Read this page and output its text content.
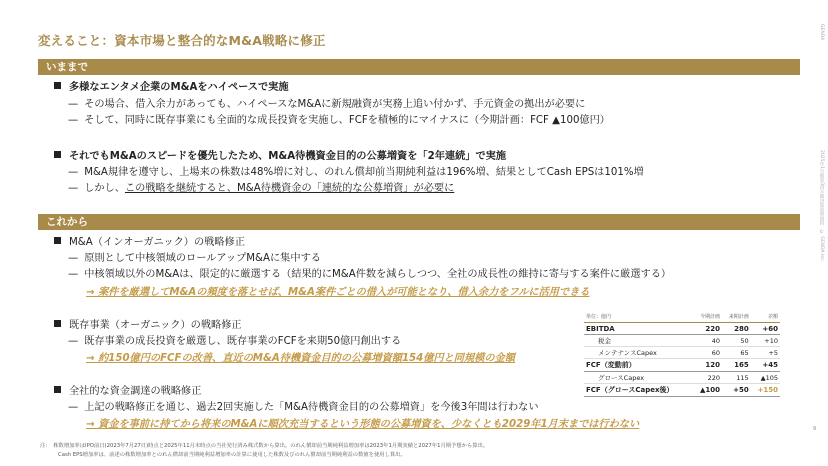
変えること：資本市場と整合的なM&A戦略に修正
GENDA
2025年1月期第3四半期決算説明資料
© GENDA Inc.
9
いままで
多様なエンタメ企業のM&Aをハイペースで実施
— その場合、借入余力があっても、ハイペースなM&Aに新規融資が実務上追い付かず、手元資金の拠出が必要に
— そして、同時に既存事業にも全面的な成長投資を実施し、FCFを積極的にマイナスに（今期計画：FCF ▲100億円）
それでもM&Aのスピードを優先したため、M&A待機資金目的の公募増資を「2年連続」で実施
— M&A規律を遵守し、上場来の株数は48%増に対し、のれん償却前当期純利益は196%増、結果としてCash EPSは101%増
— しかし、この戦略を継続すると、M&A待機資金の「連続的な公募増資」が必要に
これから
M&A（インオーガニック）の戦略修正
— 原則として中核領域のロールアップM&Aに集中する
— 中核領域以外のM&Aは、限定的に厳選する（結果的にM&A件数を減らしつつ、全社の成長性の維持に寄与する案件に厳選する）
→ 案件を厳選してM&Aの頻度を落とせば、M&A案件ごとの借入が可能となり、借入余力をフルに活用できる
既存事業（オーガニック）の戦略修正
— 既存事業の成長投資を厳選し、既存事業のFCFを来期50億円創出する
→ 約150億円のFCFの改善、直近のM&A待機資金目的の公募増資額154億円と同規模の金額
全社的な資金調達の戦略修正
— 上記の戦略修正を通じ、過去2回実施した「M&A待機資金目的の公募増資」を今後3年間は行わない
→ 資金を事前に持てから将来のM&Aに順次充当するという形態の公募増資を、少なくとも2029年1月末までは行わない
単位：億円	今期計画	来期計画	差額
EBITDA	220	280	+60
税金	40	50	+10
メンテナンスCapex	60	65	+5
FCF（変動前）	120	165	+45
グロースCapex	220	115	▲105
FCF（グロースCapex後）	▲100	+50	+150
注：　株数増加率はIPO前日(2023年7月27日)時点と2025年11月末時点の当社発行済み株式数から算出。のれん償却前当期純利益増加率は2023年1月期実績と2027年1月期予想から算出。
Cash EPS増加率は、前述の株数増加率とのれん償却前当期純利益増加率の計算に使用した株数及びのれん償却前当期純利益の数値を使用し算出。
